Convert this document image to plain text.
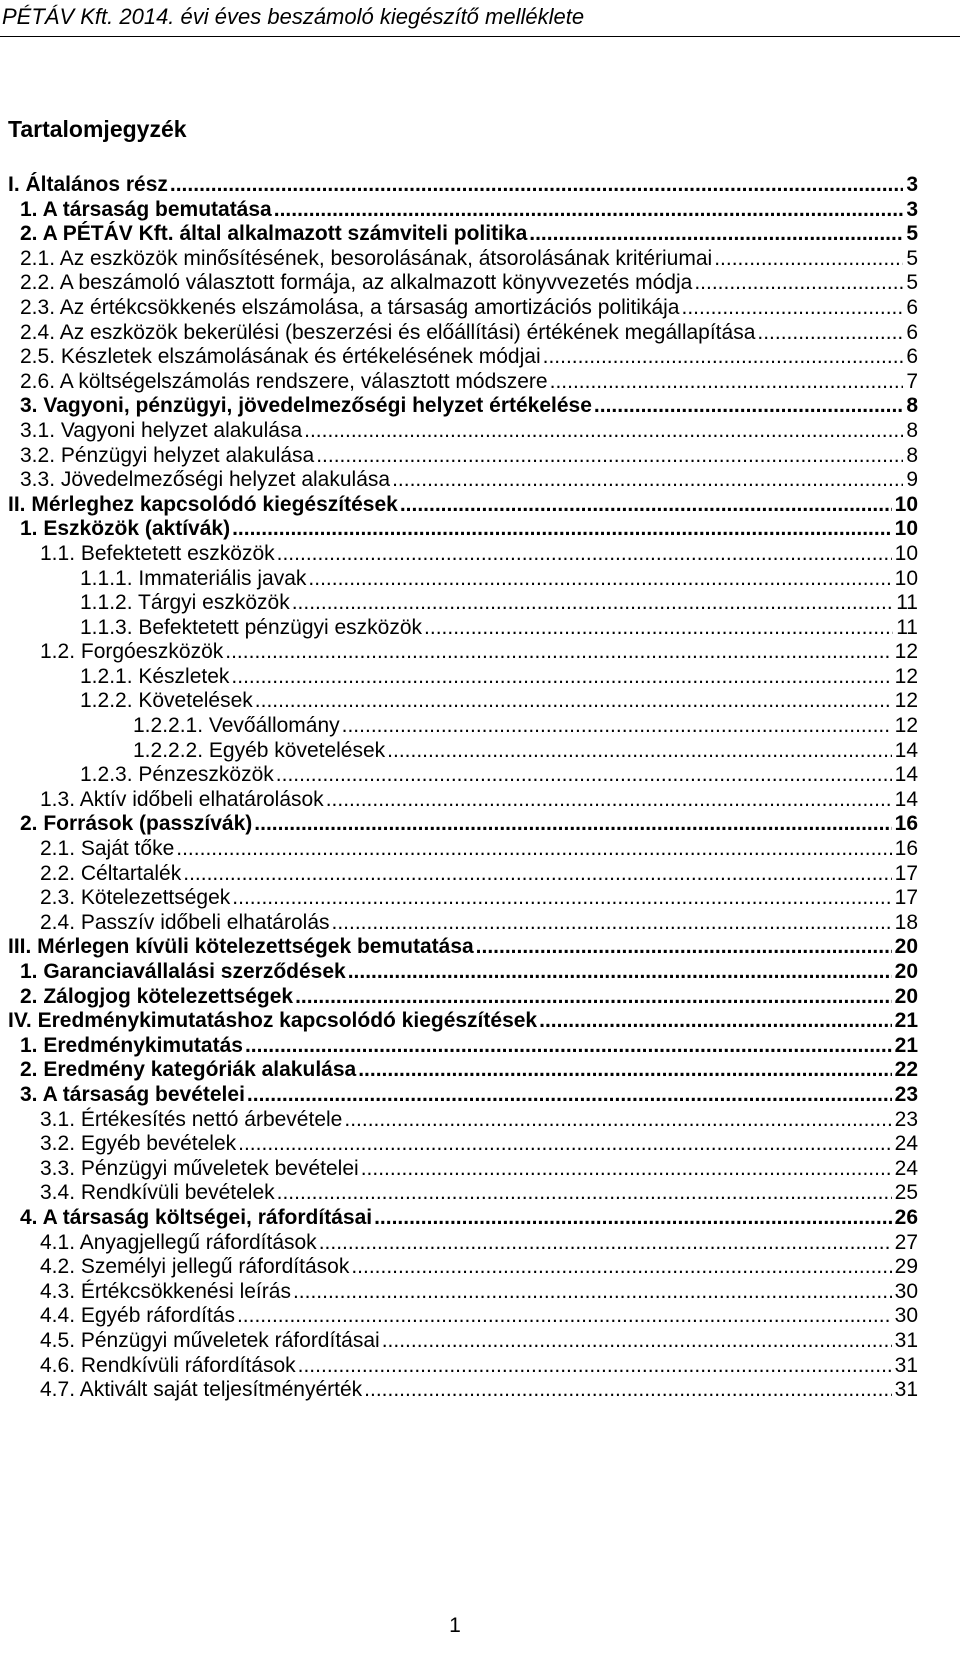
PÉTÁV Kft. 2014. évi éves beszámoló kiegészítő melléklete
Tartalomjegyzék
I. Általános rész .....	3
1. A társaság bemutatása .....	3
2. A PÉTÁV Kft. által alkalmazott számviteli politika .....	5
2.1. Az eszközök minősítésének, besorolásának, átsorolásának kritériumai .....	5
2.2. A beszámoló választott formája, az alkalmazott könyvvezetés módja .....	5
2.3. Az értékcsökkenés elszámolása, a társaság amortizációs politikája .....	6
2.4. Az eszközök bekerülési (beszerzési és előállítási) értékének megállapítása .....	6
2.5. Készletek elszámolásának és értékelésének módjai .....	6
2.6. A költségelszámolás rendszere, választott módszere .....	7
3. Vagyoni, pénzügyi, jövedelmezőségi helyzet értékelése .....	8
3.1. Vagyoni helyzet alakulása .....	8
3.2. Pénzügyi helyzet alakulása .....	8
3.3. Jövedelmezőségi helyzet alakulása .....	9
II. Mérleghez kapcsolódó kiegészítések .....	10
1. Eszközök (aktívák) .....	10
1.1. Befektetett eszközök .....	10
1.1.1. Immateriális javak .....	10
1.1.2. Tárgyi eszközök .....	11
1.1.3. Befektetett pénzügyi eszközök .....	11
1.2. Forgóeszközök .....	12
1.2.1. Készletek .....	12
1.2.2. Követelések .....	12
1.2.2.1. Vevőállomány .....	12
1.2.2.2. Egyéb követelések .....	14
1.2.3. Pénzeszközök .....	14
1.3. Aktív időbeli elhatárolások .....	14
2. Források (passzívák) .....	16
2.1. Saját tőke .....	16
2.2. Céltartalék .....	17
2.3. Kötelezettségek .....	17
2.4. Passzív időbeli elhatárolás .....	18
III. Mérlegen kívüli kötelezettségek bemutatása .....	20
1. Garanciavállalási szerződések .....	20
2. Zálogjog kötelezettségek .....	20
IV. Eredménykimutatáshoz kapcsolódó kiegészítések .....	21
1. Eredménykimutatás .....	21
2. Eredmény kategóriák alakulása .....	22
3. A társaság bevételei .....	23
3.1. Értékesítés nettó árbevétele .....	23
3.2. Egyéb bevételek .....	24
3.3. Pénzügyi műveletek bevételei .....	24
3.4. Rendkívüli bevételek .....	25
4. A társaság költségei, ráfordításai .....	26
4.1. Anyagjellegű ráfordítások .....	27
4.2. Személyi jellegű ráfordítások .....	29
4.3. Értékcsökkenési leírás .....	30
4.4. Egyéb ráfordítás .....	30
4.5. Pénzügyi műveletek ráfordításai .....	31
4.6. Rendkívüli ráfordítások .....	31
4.7. Aktivált saját teljesítményérték .....	31
1
